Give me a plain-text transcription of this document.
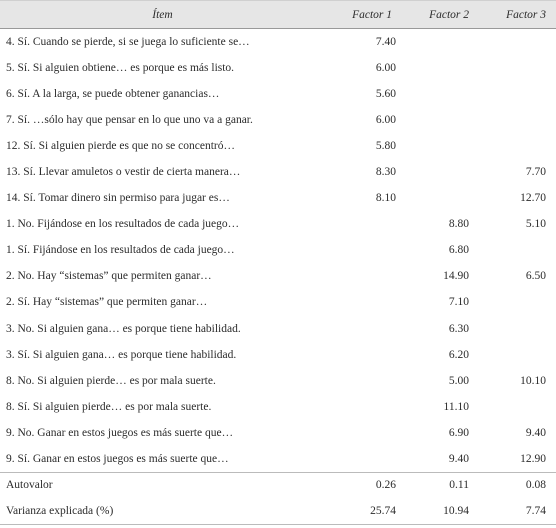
Ítem	Factor 1	Factor 2	Factor 3
4. Sí. Cuando se pierde, si se juega lo suficiente se…	7.40		
5. Sí. Si alguien obtiene… es porque es más listo.	6.00		
6. Sí. A la larga, se puede obtener ganancias…	5.60		
7. Sí. …sólo hay que pensar en lo que uno va a ganar.	6.00		
12. Sí. Si alguien pierde es que no se concentró…	5.80		
13. Sí. Llevar amuletos o vestir de cierta manera…	8.30		7.70
14. Sí. Tomar dinero sin permiso para jugar es…	8.10		12.70
1. No. Fijándose en los resultados de cada juego…		8.80	5.10
1. Sí. Fijándose en los resultados de cada juego…		6.80	
2. No. Hay “sistemas” que permiten ganar…		14.90	6.50
2. Sí. Hay “sistemas” que permiten ganar…		7.10	
3. No. Si alguien gana… es porque tiene habilidad.		6.30	
3. Sí. Si alguien gana… es porque tiene habilidad.		6.20	
8. No. Si alguien pierde… es por mala suerte.		5.00	10.10
8. Sí. Si alguien pierde… es por mala suerte.		11.10	
9. No. Ganar en estos juegos es más suerte que…		6.90	9.40
9. Sí. Ganar en estos juegos es más suerte que…		9.40	12.90
Autovalor	0.26	0.11	0.08
Varianza explicada (%)	25.74	10.94	7.74
